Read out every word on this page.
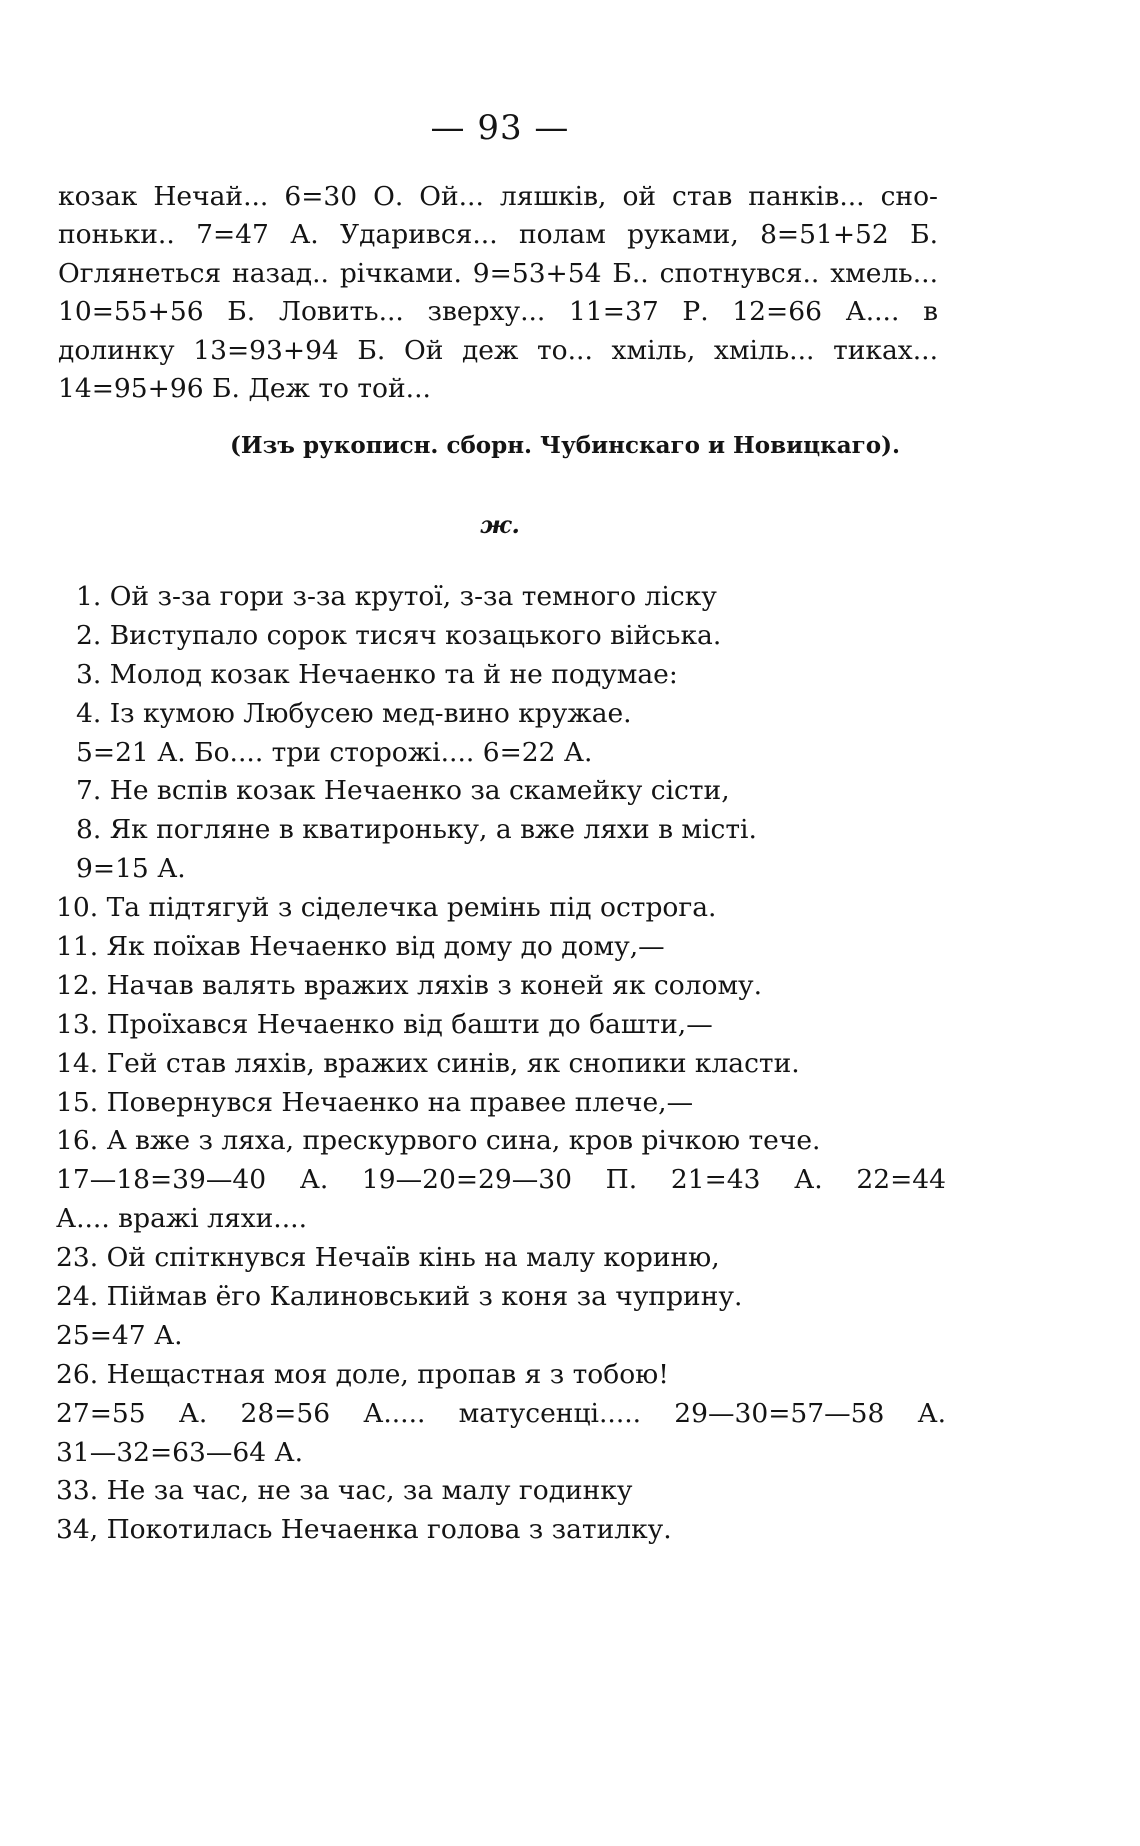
— 93 —
козак Нечай... 6=30 О. Ой... ляшків, ой став панків... сно-
поньки.. 7=47 А. Ударився... полам руками, 8=51+52 Б.
Оглянеться назад.. річками. 9=53+54 Б.. спотнувся.. хмель...
10=55+56 Б. Ловить... зверху... 11=37 Р. 12=66 А.... в
долинку 13=93+94 Б. Ой деж то... хміль, хміль... тиках...
14=95+96 Б. Деж то той...
(Изъ рукописн. сборн. Чубинскаго и Новицкаго).
ж.
1. Ой з-за гори з-за крутої, з-за темного ліску
2. Виступало сорок тисяч козацького війська.
3. Молод козак Нечаенко та й не подумае:
4. Із кумою Любусею мед-вино кружае.
5=21 А. Бо.... три сторожі.... 6=22 А.
7. Не вспів козак Нечаенко за скамейку сісти,
8. Як погляне в кватироньку, а вже ляхи в місті.
9=15 А.
10. Та підтягуй з сіделечка ремінь під острога.
11. Як поїхав Нечаенко від дому до дому,—
12. Начав валять вражих ляхів з коней як солому.
13. Проїхався Нечаенко від башти до башти,—
14. Гей став ляхів, вражих синів, як снопики класти.
15. Повернувся Нечаенко на правее плече,—
16. А вже з ляха, прескурвого сина, кров річкою тече.
17—18=39—40 А. 19—20=29—30 П. 21=43 А. 22=44
А.... вражі ляхи....
23. Ой спіткнувся Нечаїв кінь на малу кориню,
24. Піймав ёго Калиновський з коня за чуприну.
25=47 А.
26. Нещастная моя доле, пропав я з тобою!
27=55 А. 28=56 А..... матусенці..... 29—30=57—58 А.
31—32=63—64 А.
33. Не за час, не за час, за малу годинку
34, Покотилась Нечаенка голова з затилку.
